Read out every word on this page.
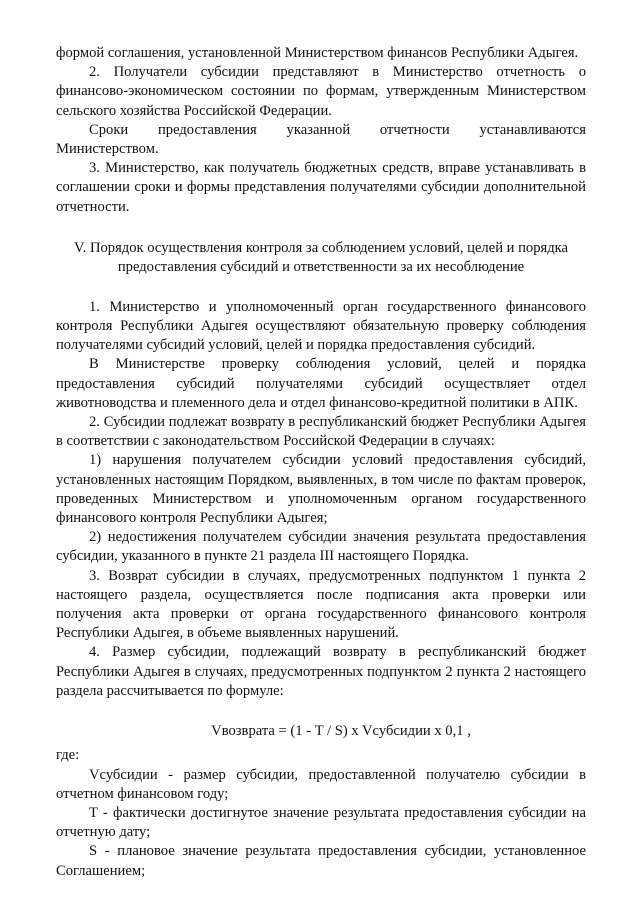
формой соглашения, установленной Министерством финансов Республики Адыгея.

2. Получатели субсидии представляют в Министерство отчетность о финансово-экономическом состоянии по формам, утвержденным Министерством сельского хозяйства Российской Федерации.

Сроки предоставления указанной отчетности устанавливаются Министерством.

3. Министерство, как получатель бюджетных средств, вправе устанавливать в соглашении сроки и формы представления получателями субсидии дополнительной отчетности.

V. Порядок осуществления контроля за соблюдением условий, целей и порядка предоставления субсидий и ответственности за их несоблюдение

1. Министерство и уполномоченный орган государственного финансового контроля Республики Адыгея осуществляют обязательную проверку соблюдения получателями субсидий условий, целей и порядка предоставления субсидий.

В Министерстве проверку соблюдения условий, целей и порядка предоставления субсидий получателями субсидий осуществляет отдел животноводства и племенного дела и отдел финансово-кредитной политики в АПК.

2. Субсидии подлежат возврату в республиканский бюджет Республики Адыгея в соответствии с законодательством Российской Федерации в случаях:

1) нарушения получателем субсидии условий предоставления субсидий, установленных настоящим Порядком, выявленных, в том числе по фактам проверок, проведенных Министерством и уполномоченным органом государственного финансового контроля Республики Адыгея;

2) недостижения получателем субсидии значения результата предоставления субсидии, указанного в пункте 21 раздела III настоящего Порядка.

3. Возврат субсидии в случаях, предусмотренных подпунктом 1 пункта 2 настоящего раздела, осуществляется после подписания акта проверки или получения акта проверки от органа государственного финансового контроля Республики Адыгея, в объеме выявленных нарушений.

4. Размер субсидии, подлежащий возврату в республиканский бюджет Республики Адыгея в случаях, предусмотренных подпунктом 2 пункта 2 настоящего раздела рассчитывается по формуле:

Vвозврата = (1 - T / S) x Vсубсидии x 0,1 ,

где:

Vсубсидии - размер субсидии, предоставленной получателю субсидии в отчетном финансовом году;

T - фактически достигнутое значение результата предоставления субсидии на отчетную дату;

S - плановое значение результата предоставления субсидии, установленное Соглашением;
